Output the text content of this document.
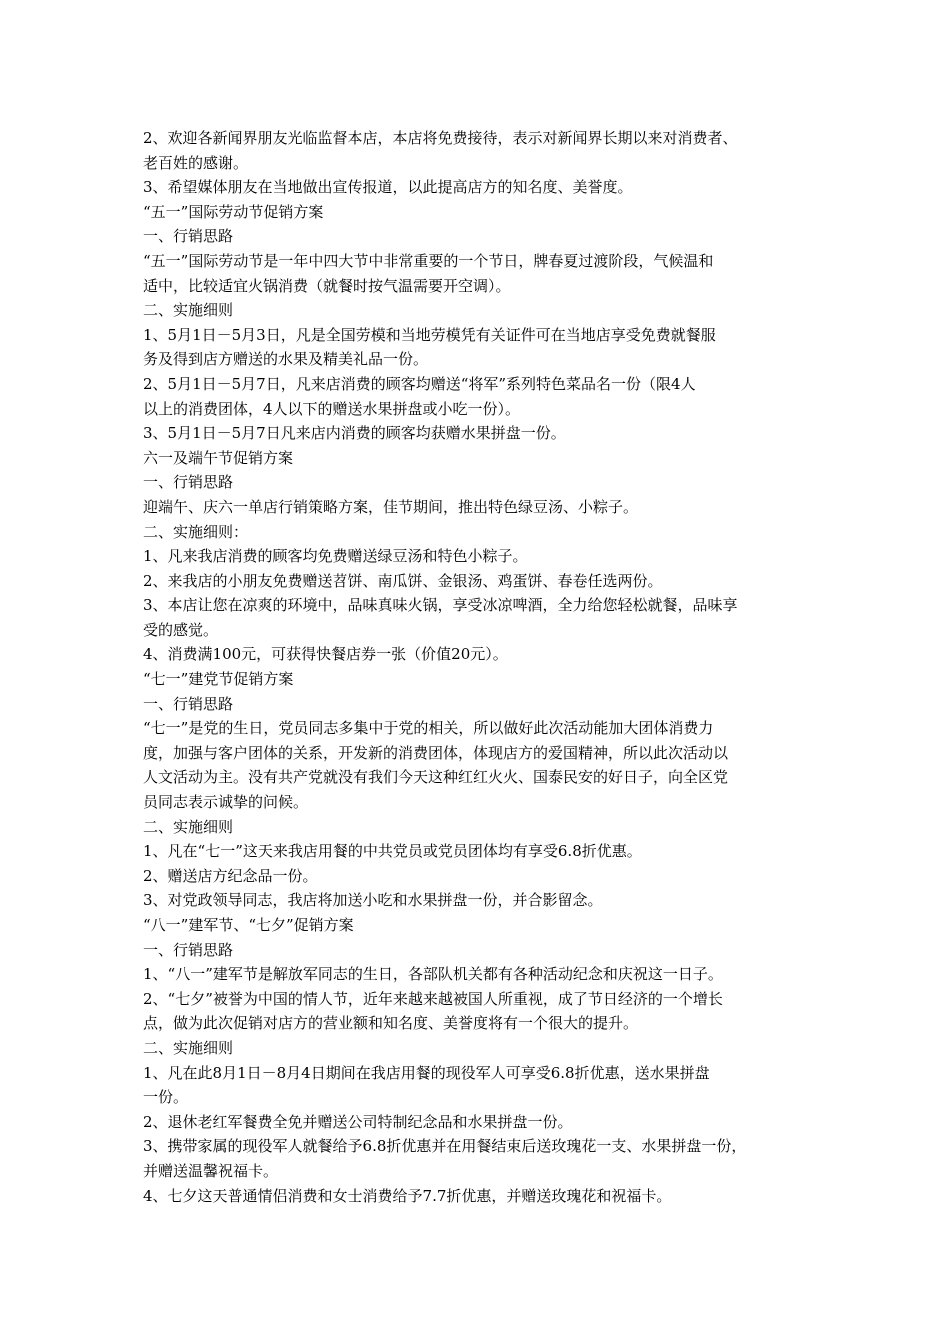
2、欢迎各新闻界朋友光临监督本店，本店将免费接待，表示对新闻界长期以来对消费者、

老百姓的感谢。

3、希望媒体朋友在当地做出宣传报道，以此提高店方的知名度、美誉度。

“五一”国际劳动节促销方案

一、行销思路

“五一”国际劳动节是一年中四大节中非常重要的一个节日，牌春夏过渡阶段，气候温和

适中，比较适宜火锅消费（就餐时按气温需要开空调）。

二、实施细则

1、5月1日－5月3日，凡是全国劳模和当地劳模凭有关证件可在当地店享受免费就餐服

务及得到店方赠送的水果及精美礼品一份。

2、5月1日－5月7日，凡来店消费的顾客均赠送“将军”系列特色菜品名一份（限4人

以上的消费团体，4人以下的赠送水果拼盘或小吃一份）。

3、5月1日－5月7日凡来店内消费的顾客均获赠水果拼盘一份。

六一及端午节促销方案

一、行销思路

迎端午、庆六一单店行销策略方案，佳节期间，推出特色绿豆汤、小粽子。

二、实施细则：

1、凡来我店消费的顾客均免费赠送绿豆汤和特色小粽子。

2、来我店的小朋友免费赠送苕饼、南瓜饼、金银汤、鸡蛋饼、春卷任选两份。

3、本店让您在凉爽的环境中，品味真味火锅，享受冰凉啤酒，全力给您轻松就餐，品味享

受的感觉。

4、消费满100元，可获得快餐店券一张（价值20元）。

“七一”建党节促销方案

一、行销思路

“七一”是党的生日，党员同志多集中于党的相关，所以做好此次活动能加大团体消费力

度，加强与客户团体的关系，开发新的消费团体，体现店方的爱国精神，所以此次活动以

人文活动为主。没有共产党就没有我们今天这种红红火火、国泰民安的好日子，向全区党

员同志表示诚挚的问候。

二、实施细则

1、凡在“七一”这天来我店用餐的中共党员或党员团体均有享受6.8折优惠。

2、赠送店方纪念品一份。

3、对党政领导同志，我店将加送小吃和水果拼盘一份，并合影留念。

“八一”建军节、“七夕”促销方案

一、行销思路

1、“八一”建军节是解放军同志的生日，各部队机关都有各种活动纪念和庆祝这一日子。

2、“七夕”被誉为中国的情人节，近年来越来越被国人所重视，成了节日经济的一个增长

点，做为此次促销对店方的营业额和知名度、美誉度将有一个很大的提升。

二、实施细则

1、凡在此8月1日－8月4日期间在我店用餐的现役军人可享受6.8折优惠，送水果拼盘

一份。

2、退休老红军餐费全免并赠送公司特制纪念品和水果拼盘一份。

3、携带家属的现役军人就餐给予6.8折优惠并在用餐结束后送玫瑰花一支、水果拼盘一份，

并赠送温馨祝福卡。

4、七夕这天普通情侣消费和女士消费给予7.7折优惠，并赠送玫瑰花和祝福卡。
